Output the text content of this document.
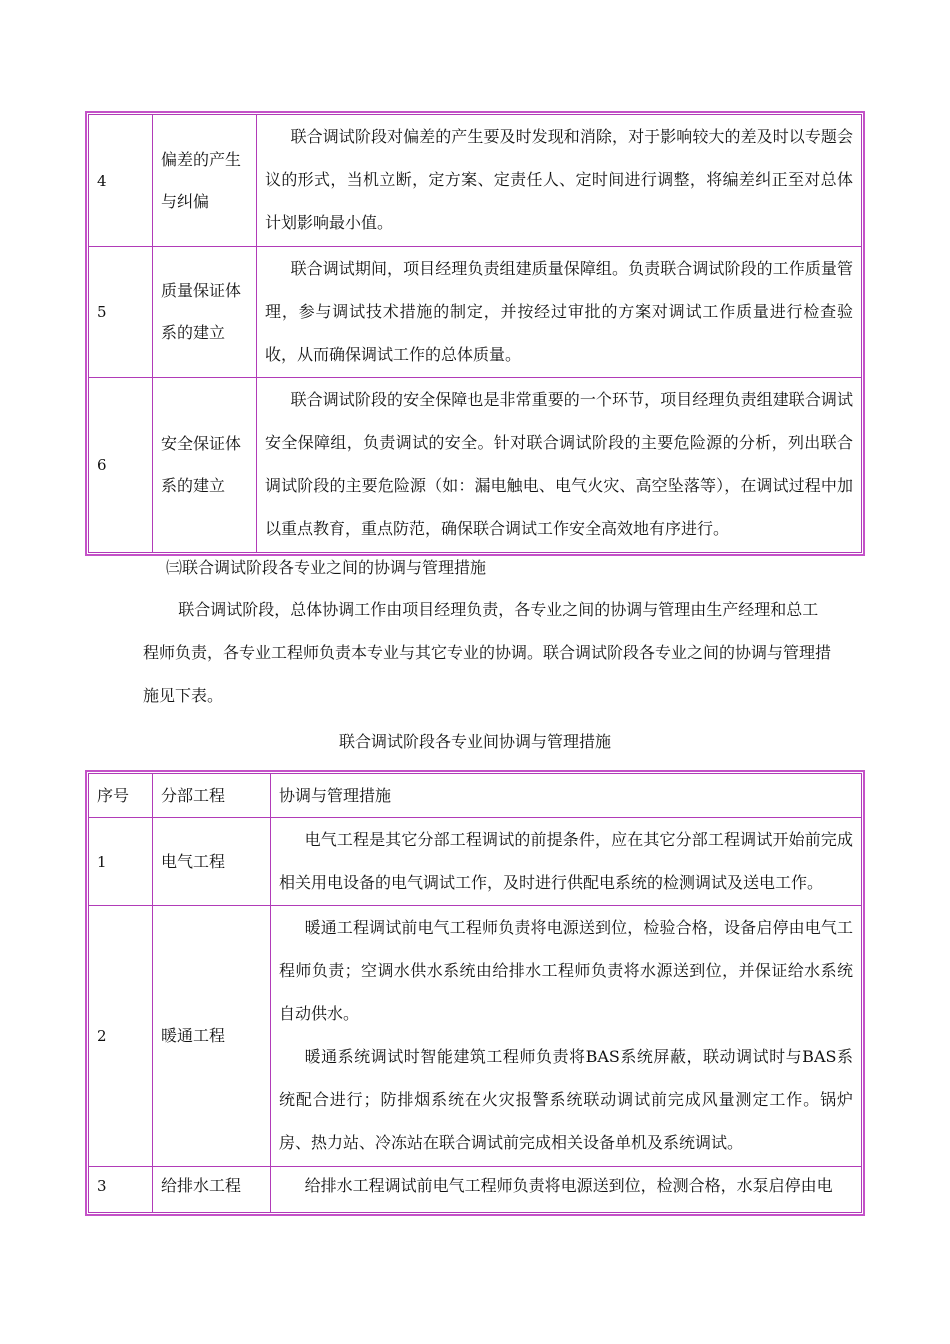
4	偏差的产生与纠偏	联合调试阶段对偏差的产生要及时发现和消除，对于影响较大的差及时以专题会议的形式，当机立断，定方案、定责任人、定时间进行调整，将编差纠正至对总体计划影响最小值。

5	质量保证体系的建立	联合调试期间，项目经理负责组建质量保障组。负责联合调试阶段的工作质量管理，参与调试技术措施的制定，并按经过审批的方案对调试工作质量进行检查验收，从而确保调试工作的总体质量。

6	安全保证体系的建立	联合调试阶段的安全保障也是非常重要的一个环节，项目经理负责组建联合调试安全保障组，负责调试的安全。针对联合调试阶段的主要危险源的分析，列出联合调试阶段的主要危险源（如：漏电触电、电气火灾、高空坠落等），在调试过程中加以重点教育，重点防范，确保联合调试工作安全高效地有序进行。

㈢联合调试阶段各专业之间的协调与管理措施
联合调试阶段，总体协调工作由项目经理负责，各专业之间的协调与管理由生产经理和总工程师负责，各专业工程师负责本专业与其它专业的协调。联合调试阶段各专业之间的协调与管理措施见下表。
联合调试阶段各专业间协调与管理措施
序号	分部工程	协调与管理措施
1	电气工程	电气工程是其它分部工程调试的前提条件，应在其它分部工程调试开始前完成相关用电设备的电气调试工作，及时进行供配电系统的检测调试及送电工作。

2	暖通工程	暖通工程调试前电气工程师负责将电源送到位，检验合格，设备启停由电气工程师负责；空调水供水系统由给排水工程师负责将水源送到位，并保证给水系统自动供水。

暖通系统调试时智能建筑工程师负责将BAS系统屏蔽，联动调试时与BAS系统配合进行；防排烟系统在火灾报警系统联动调试前完成风量测定工作。锅炉房、热力站、冷冻站在联合调试前完成相关设备单机及系统调试。

3	给排水工程	给排水工程调试前电气工程师负责将电源送到位，检测合格，水泵启停由电
